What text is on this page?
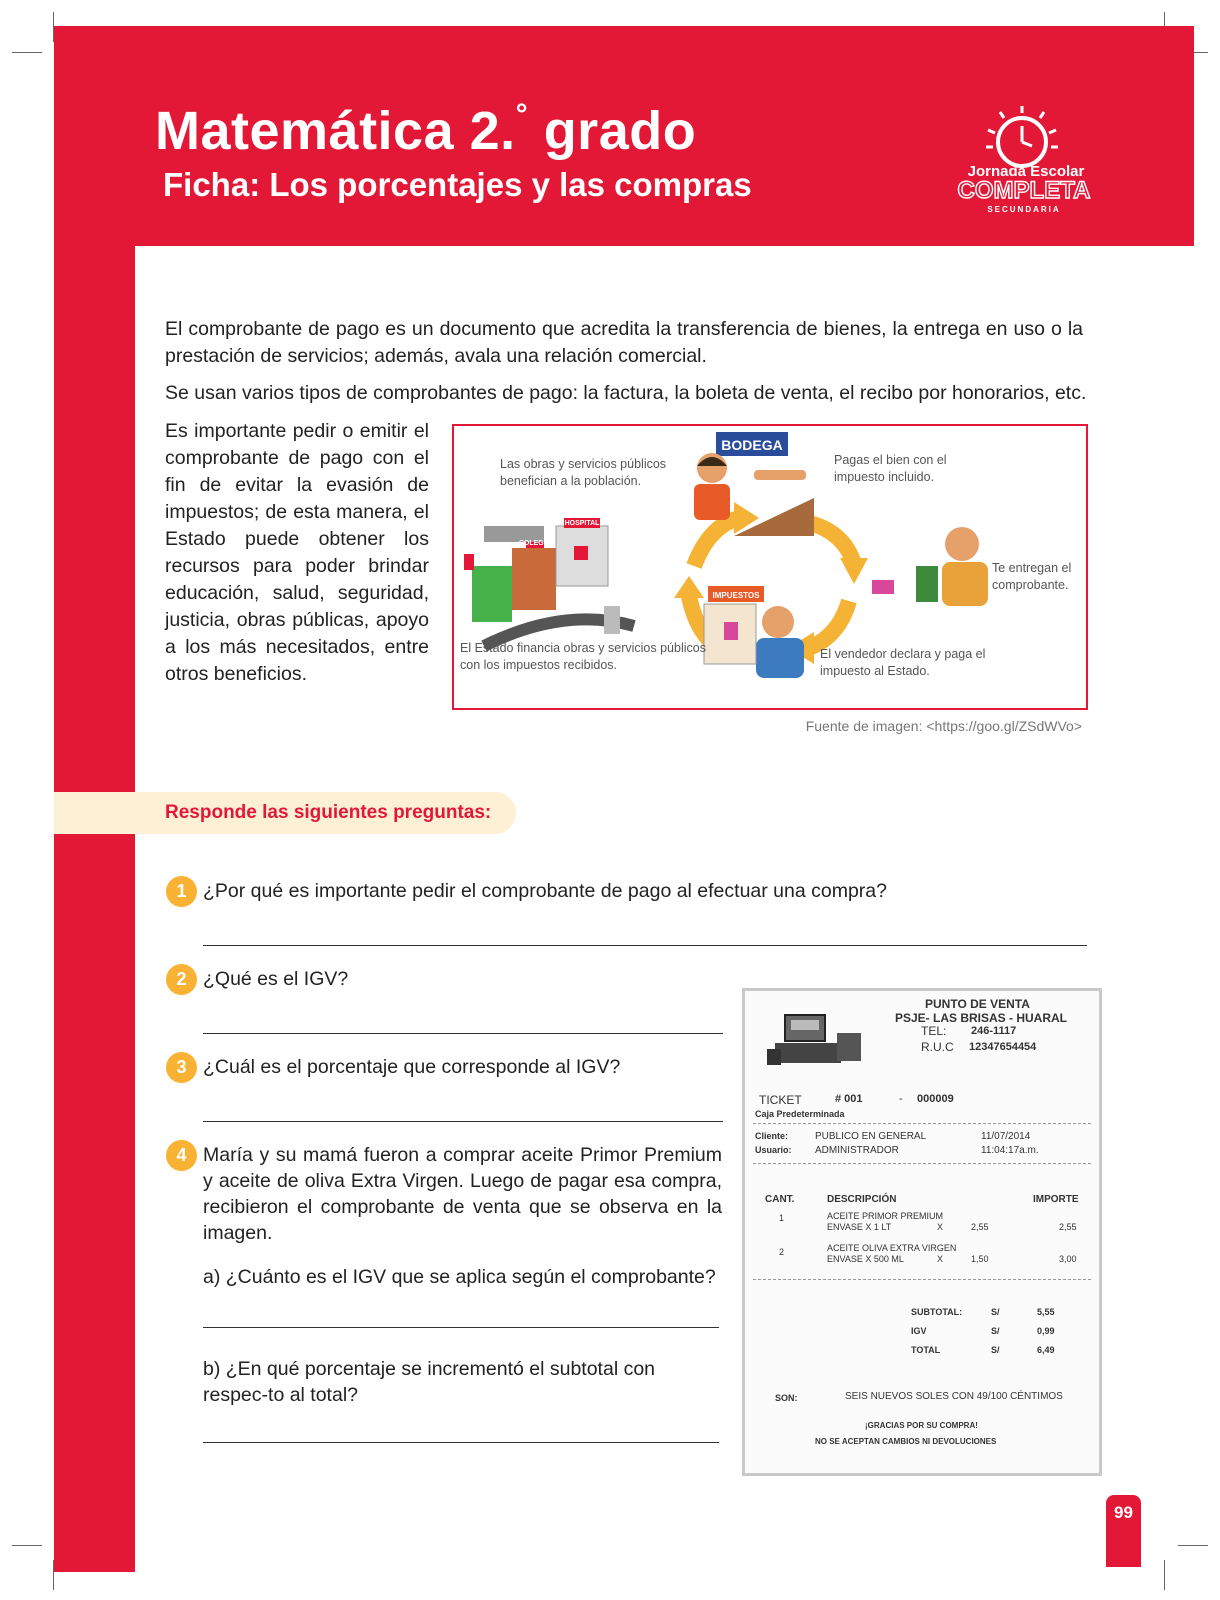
Matemática 2.° grado
Ficha: Los porcentajes y las compras	Jornada Escolar
COMPLETA
SECUNDARIA
El comprobante de pago es un documento que acredita la transferencia de bienes, la entrega en uso o la prestación de servicios; además, avala una relación comercial.
Se usan varios tipos de comprobantes de pago: la factura, la boleta de venta, el recibo por honorarios, etc.
Es importante pedir o emitir el comprobante de pago con el fin de evitar la evasión de impuestos; de esta manera, el Estado puede obtener los recursos para poder brindar educación, salud, seguridad, justicia, obras públicas, apoyo a los más necesitados, entre otros beneficios.
BODEGA
HOSPITAL
COLEGIO
IMPUESTOS
Las obras y servicios públicos benefician a la población.
Pagas el bien con el impuesto incluido.
Te entregan el comprobante.
El vendedor declara y paga el impuesto al Estado.
El Estado financia obras y servicios públicos con los impuestos recibidos.
Fuente de imagen: <https://goo.gl/ZSdWVo>
Responde las siguientes preguntas:
1 ¿Por qué es importante pedir el comprobante de pago al efectuar una compra?
2 ¿Qué es el IGV?
3 ¿Cuál es el porcentaje que corresponde al IGV?
4 María y su mamá fueron a comprar aceite Primor Premium y aceite de oliva Extra Virgen. Luego de pagar esa compra, recibieron el comprobante de venta que se observa en la imagen.
a) ¿Cuánto es el IGV que se aplica según el comprobante?
b) ¿En qué porcentaje se incrementó el subtotal con respec-to al total?
PUNTO DE VENTA
PSJE- LAS BRISAS - HUARAL
TEL: 246-1117
R.U.C 12347654454
TICKET	# 001	- 000009
Caja Predeterminada
Cliente:	PUBLICO EN GENERAL	11/07/2014
Usuario: ADMINISTRADOR	11:04:17a.m.
CANT.	DESCRIPCIÓN	IMPORTE
1	ACEITE PRIMOR PREMIUM
ENVASE X 1 LT	X	2,55	2,55
2	ACEITE OLIVA EXTRA VIRGEN
ENVASE X 500 ML	X	1,50	3,00
SUBTOTAL:	S/	5,55
IGV	S/	0,99
TOTAL	S/	6,49
SON:	SEIS NUEVOS SOLES CON 49/100 CÉNTIMOS
¡GRACIAS POR SU COMPRA!
NO SE ACEPTAN CAMBIOS NI DEVOLUCIONES
99
